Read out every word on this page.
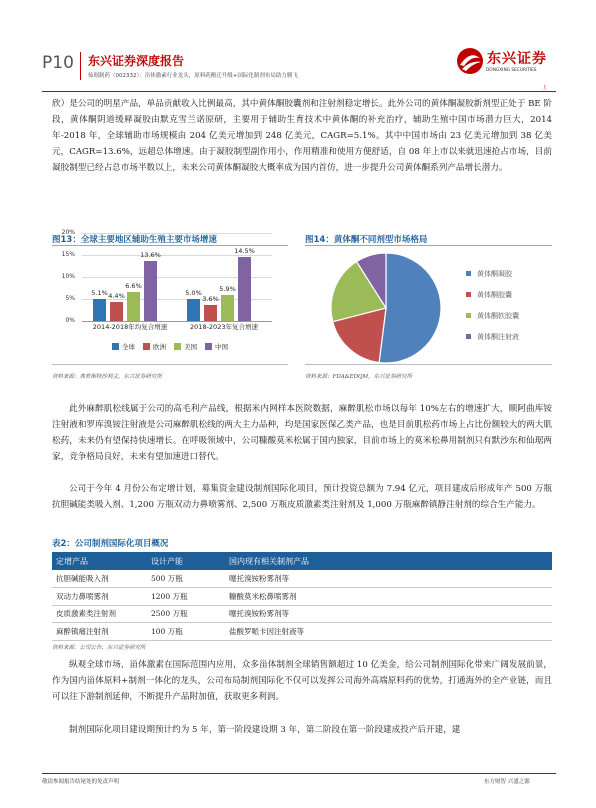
P10 东兴证券深度报告
仙琚制药（002332）：甾体激素行业龙头，原料药搬迁升级+国际化制剂布局助力腾飞
东兴证券
DONGXING SECURITIES
上
欣）是公司的明星产品，单品贡献收入比例最高，其中黄体酮胶囊剂和注射剂稳定增长。此外公司的黄体酮凝胶新剂型正处于 BE 阶段，黄体酮阴道缓释凝胶由默克雪兰诺原研，主要用于辅助生育技术中黄体酮的补充治疗，辅助生殖中国市场潜力巨大，2014 年-2018 年，全球辅助市场规模由 204 亿美元增加到 248 亿美元，CAGR=5.1%。其中中国市场由 23 亿美元增加到 38 亿美元，CAGR=13.6%，远超总体增速。由于凝胶制型副作用小，作用精准和使用方便舒适，自 08 年上市以来就迅速抢占市场，目前凝胶制型已经占总市场半数以上，未来公司黄体酮凝胶大概率成为国内首仿，进一步提升公司黄体酮系列产品增长潜力。
图13：全球主要地区辅助生殖主要市场增速
20%
15%
10%
5%
0%
5.1% 4.4%
6.6%
13.6%
5.0%
3.6%
5.9%
14.5%
2014-2018年均复合增速	2018-2023年复合增速
全球	欧洲	美国	中国
资料来源：弗若斯特沙利文，东兴证券研究所
图14：黄体酮不同剂型市场格局
黄体酮凝胶
黄体酮胶囊
黄体酮软胶囊
黄体酮注射液
资料来源：FDA&EDQM，东兴证券研究所
此外麻醉肌松线属于公司的高毛利产品线，根据米内网样本医院数据，麻醉肌松市场以每年 10%左右的增速扩大，顺阿曲库铵注射液和罗库溴铵注射液是公司麻醉肌松线的两大主力品种，均是国家医保乙类产品，也是目前肌松药市场上占比份额较大的两大肌松药，未来仍有望保持快速增长。在呼吸领域中，公司糠酸莫米松属于国内独家，目前市场上的莫米松鼻用制剂只有默沙东和仙琚两家，竞争格局良好，未来有望加速进口替代。
公司于今年 4 月份公布定增计划，募集资金建设制剂国际化项目，预计投资总额为 7.94 亿元，项目建成后形成年产 500 万瓶抗胆碱能类吸入剂、1,200 万瓶双动力鼻喷雾剂、2,500 万瓶皮质激素类注射剂及 1,000 万瓶麻醉镇静注射剂的综合生产能力。
表2：公司制剂国际化项目概况
定增产品	设计产能	国内现有相关制剂产品
抗胆碱能吸入剂	500 万瓶	噻托溴铵粉雾剂等
双动力鼻喷雾剂	1200 万瓶	糠酸莫米松鼻喷雾剂
皮质激素类注射剂	2500 万瓶	噻托溴铵粉雾剂等
麻醉镇痛注射剂	100 万瓶	盐酸罗哌卡因注射液等
资料来源：公司公告、东兴证券研究所
纵观全球市场，甾体激素在国际范围内应用，众多甾体制剂全球销售额超过 10 亿美金，给公司制剂国际化带来广阔发展前景，作为国内甾体原料+制剂一体化的龙头，公司布局制剂国际化不仅可以发挥公司海外高端原料药的优势，打通海外的全产业链，而且可以往下游制剂延伸，不断提升产品附加值，获取更多利润。
制剂国际化项目建设期预计约为 5 年，第一阶段建设期 3 年，第二阶段在第一阶段建成投产后开建，建
敬请参阅报告结尾处的免责声明	东方财智 兴盛之源
